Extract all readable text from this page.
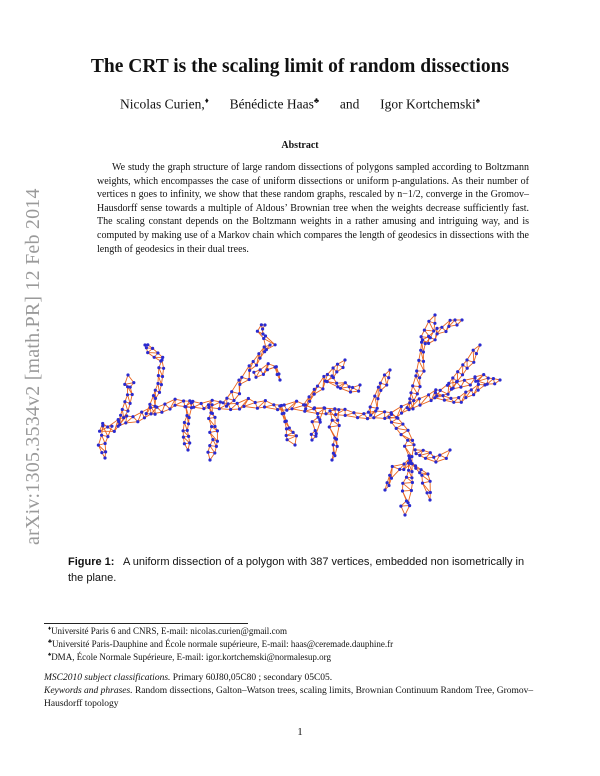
arXiv:1305.3534v2 [math.PR] 12 Feb 2014
The CRT is the scaling limit of random dissections
Nicolas Curien,♦ Bénédicte Haas♣ and Igor Kortchemski♠
Abstract
We study the graph structure of large random dissections of polygons sampled according to Boltzmann weights, which encompasses the case of uniform dissections or uniform p-angulations. As their number of vertices n goes to infinity, we show that these random graphs, rescaled by n−1/2, converge in the Gromov–Hausdorff sense towards a multiple of Aldous’ Brownian tree when the weights decrease sufficiently fast. The scaling constant depends on the Boltzmann weights in a rather amusing and intriguing way, and is computed by making use of a Markov chain which compares the length of geodesics in dissections with the length of geodesics in their dual trees.
Figure 1: A uniform dissection of a polygon with 387 vertices, embedded non isometrically in the plane.
♦Université Paris 6 and CNRS, E-mail: nicolas.curien@gmail.com
♣Université Paris-Dauphine and École normale supérieure, E-mail: haas@ceremade.dauphine.fr
♠DMA, École Normale Supérieure, E-mail: igor.kortchemski@normalesup.org
MSC2010 subject classifications. Primary 60J80,05C80 ; secondary 05C05.
Keywords and phrases. Random dissections, Galton–Watson trees, scaling limits, Brownian Continuum Random Tree, Gromov–Hausdorff topology
1
